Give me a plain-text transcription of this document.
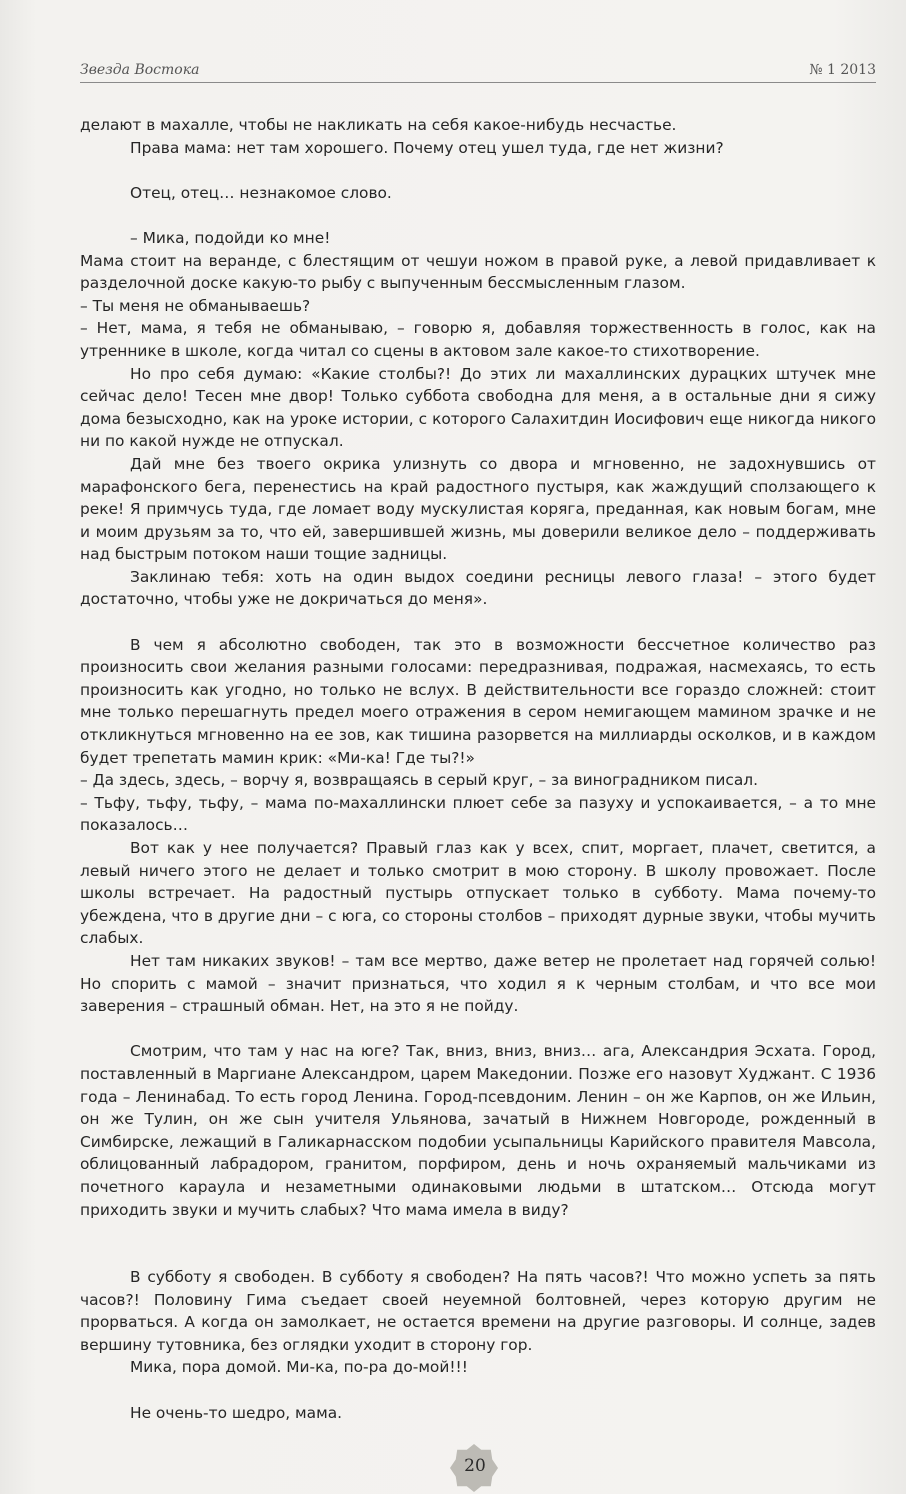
Звезда Востока	№ 1 2013

делают в махалле, чтобы не накликать на себя какое-нибудь несчастье.

Права мама: нет там хорошего. Почему отец ушел туда, где нет жизни?

Отец, отец… незнакомое слово.

– Мика, подойди ко мне!

Мама стоит на веранде, с блестящим от чешуи ножом в правой руке, а левой придавливает к разделочной доске какую-то рыбу с выпученным бессмысленным глазом.

– Ты меня не обманываешь?

– Нет, мама, я тебя не обманываю, – говорю я, добавляя торжественность в голос, как на утреннике в школе, когда читал со сцены в актовом зале какое-то стихотворение.

Но про себя думаю: «Какие столбы?! До этих ли махаллинских дурацких штучек мне сейчас дело! Тесен мне двор! Только суббота свободна для меня, а в остальные дни я сижу дома безысходно, как на уроке истории, с которого Салахитдин Иосифович еще никогда никого ни по какой нужде не отпускал.

Дай мне без твоего окрика улизнуть со двора и мгновенно, не задохнувшись от марафонского бега, перенестись на край радостного пустыря, как жаждущий сползающего к реке! Я примчусь туда, где ломает воду мускулистая коряга, преданная, как новым богам, мне и моим друзьям за то, что ей, завершившей жизнь, мы доверили великое дело – поддерживать над быстрым потоком наши тощие задницы.

Заклинаю тебя: хоть на один выдох соедини ресницы левого глаза! – этого будет достаточно, чтобы уже не докричаться до меня».

В чем я абсолютно свободен, так это в возможности бессчетное количество раз произносить свои желания разными голосами: передразнивая, подражая, насмехаясь, то есть произносить как угодно, но только не вслух. В действительности все гораздо сложней: стоит мне только перешагнуть предел моего отражения в сером немигающем мамином зрачке и не откликнуться мгновенно на ее зов, как тишина разорвется на миллиарды осколков, и в каждом будет трепетать мамин крик: «Ми-ка! Где ты?!»

– Да здесь, здесь, – ворчу я, возвращаясь в серый круг, – за виноградником писал.

– Тьфу, тьфу, тьфу, – мама по-махаллински плюет себе за пазуху и успокаивается, – а то мне показалось…

Вот как у нее получается? Правый глаз как у всех, спит, моргает, плачет, светится, а левый ничего этого не делает и только смотрит в мою сторону. В школу провожает. После школы встречает. На радостный пустырь отпускает только в субботу. Мама почему-то убеждена, что в другие дни – с юга, со стороны столбов – приходят дурные звуки, чтобы мучить слабых.

Нет там никаких звуков! – там все мертво, даже ветер не пролетает над горячей солью! Но спорить с мамой – значит признаться, что ходил я к черным столбам, и что все мои заверения – страшный обман. Нет, на это я не пойду.

Смотрим, что там у нас на юге? Так, вниз, вниз, вниз… ага, Александрия Эсхата. Город, поставленный в Маргиане Александром, царем Македонии. Позже его назовут Худжант. С 1936 года – Ленинабад. То есть город Ленина. Город-псевдоним. Ленин – он же Карпов, он же Ильин, он же Тулин, он же сын учителя Ульянова, зачатый в Нижнем Новгороде, рожденный в Симбирске, лежащий в Галикарнасском подобии усыпальницы Карийского правителя Мавсола, облицованный лабрадором, гранитом, порфиром, день и ночь охраняемый мальчиками из почетного караула и незаметными одинаковыми людьми в штатском… Отсюда могут приходить звуки и мучить слабых? Что мама имела в виду?

В субботу я свободен. В субботу я свободен? На пять часов?! Что можно успеть за пять часов?! Половину Гима съедает своей неуемной болтовней, через которую другим не прорваться. А когда он замолкает, не остается времени на другие разговоры. И солнце, задев вершину тутовника, без оглядки уходит в сторону гор.

Мика, пора домой. Ми-ка, по-ра до-мой!!!

Не очень-то шедро, мама.

20
